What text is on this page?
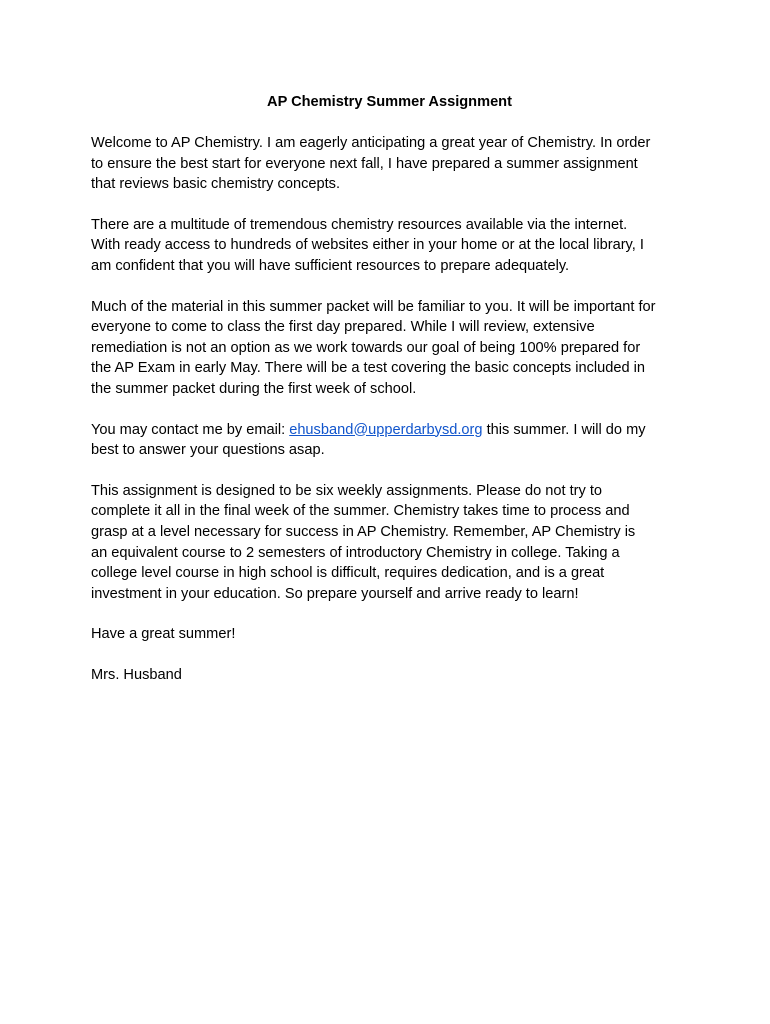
AP Chemistry Summer Assignment
Welcome to AP Chemistry. I am eagerly anticipating a great year of Chemistry. In order
to ensure the best start for everyone next fall, I have prepared a summer assignment
that reviews basic chemistry concepts.
There are a multitude of tremendous chemistry resources available via the internet.
With ready access to hundreds of websites either in your home or at the local library, I
am confident that you will have sufficient resources to prepare adequately.
Much of the material in this summer packet will be familiar to you. It will be important for
everyone to come to class the first day prepared. While I will review, extensive
remediation is not an option as we work towards our goal of being 100% prepared for
the AP Exam in early May. There will be a test covering the basic concepts included in
the summer packet during the first week of school.
You may contact me by email: ehusband@upperdarbysd.org this summer. I will do my
best to answer your questions asap.
This assignment is designed to be six weekly assignments. Please do not try to
complete it all in the final week of the summer. Chemistry takes time to process and
grasp at a level necessary for success in AP Chemistry. Remember, AP Chemistry is
an equivalent course to 2 semesters of introductory Chemistry in college. Taking a
college level course in high school is difficult, requires dedication, and is a great
investment in your education. So prepare yourself and arrive ready to learn!
Have a great summer!
Mrs. Husband
